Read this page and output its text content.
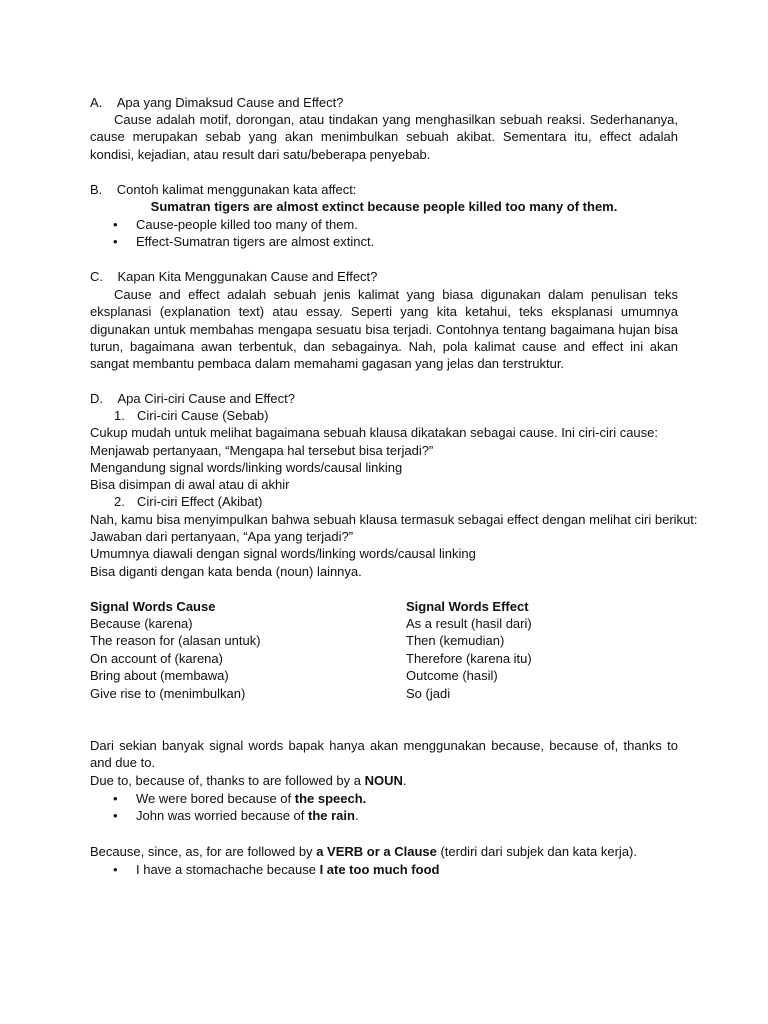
A.    Apa yang Dimaksud Cause and Effect?
Cause adalah motif, dorongan, atau tindakan yang menghasilkan sebuah reaksi. Sederhananya, cause merupakan sebab yang akan menimbulkan sebuah akibat. Sementara itu, effect adalah kondisi, kejadian, atau result dari satu/beberapa penyebab.
B.    Contoh kalimat menggunakan kata affect:
Sumatran tigers are almost extinct because people killed too many of them.
• Cause-people killed too many of them.
• Effect-Sumatran tigers are almost extinct.
C.    Kapan Kita Menggunakan Cause and Effect?
Cause and effect adalah sebuah jenis kalimat yang biasa digunakan dalam penulisan teks eksplanasi (explanation text) atau essay. Seperti yang kita ketahui, teks eksplanasi umumnya digunakan untuk membahas mengapa sesuatu bisa terjadi. Contohnya tentang bagaimana hujan bisa turun, bagaimana awan terbentuk, dan sebagainya. Nah, pola kalimat cause and effect ini akan sangat membantu pembaca dalam memahami gagasan yang jelas dan terstruktur.
D.    Apa Ciri-ciri Cause and Effect?
1. Ciri-ciri Cause (Sebab)
Cukup mudah untuk melihat bagaimana sebuah klausa dikatakan sebagai cause. Ini ciri-ciri cause:
Menjawab pertanyaan, “Mengapa hal tersebut bisa terjadi?”
Mengandung signal words/linking words/causal linking
Bisa disimpan di awal atau di akhir
2. Ciri-ciri Effect (Akibat)
Nah, kamu bisa menyimpulkan bahwa sebuah klausa termasuk sebagai effect dengan melihat ciri berikut:
Jawaban dari pertanyaan, “Apa yang terjadi?”
Umumnya diawali dengan signal words/linking words/causal linking
Bisa diganti dengan kata benda (noun) lainnya.
Signal Words Cause	Signal Words Effect
Because (karena)
The reason for (alasan untuk)
On account of (karena)
Bring about (membawa)
Give rise to (menimbulkan)
As a result (hasil dari)
Then (kemudian)
Therefore (karena itu)
Outcome (hasil)
So (jadi
Dari sekian banyak signal words bapak hanya akan menggunakan because, because of, thanks to and due to.
Due to, because of, thanks to are followed by a NOUN.
• We were bored because of the speech.
• John was worried because of the rain.
Because, since, as, for are followed by a VERB or a Clause (terdiri dari subjek dan kata kerja).
• I have a stomachache because I ate too much food
